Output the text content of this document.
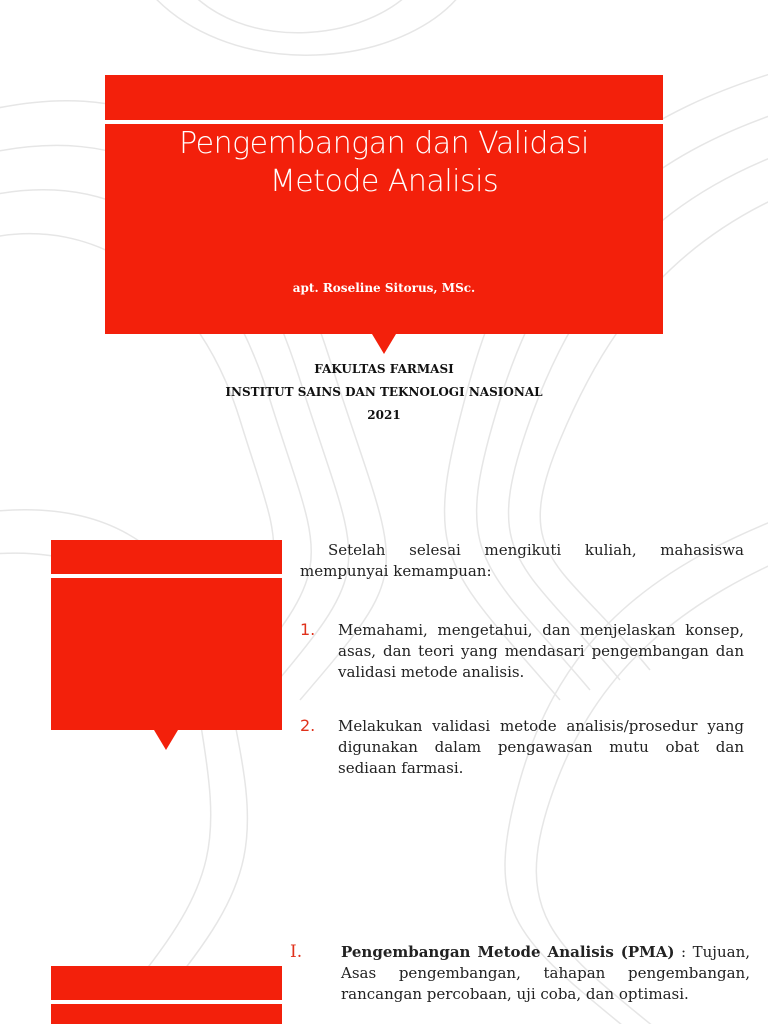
Pengembangan dan Validasi
Metode Analisis
apt. Roseline Sitorus, MSc.
FAKULTAS FARMASI
INSTITUT SAINS DAN TEKNOLOGI NASIONAL
2021
Setelah selesai mengikuti kuliah, mahasiswa mempunyai kemampuan:
1. Memahami, mengetahui, dan menjelaskan konsep, asas, dan teori yang mendasari pengembangan dan validasi metode analisis.
2. Melakukan validasi metode analisis/prosedur yang digunakan dalam pengawasan mutu obat dan sediaan farmasi.
I.	Pengembangan Metode Analisis (PMA) : Tujuan, Asas pengembangan, tahapan pengembangan, rancangan percobaan, uji coba, dan optimasi.
